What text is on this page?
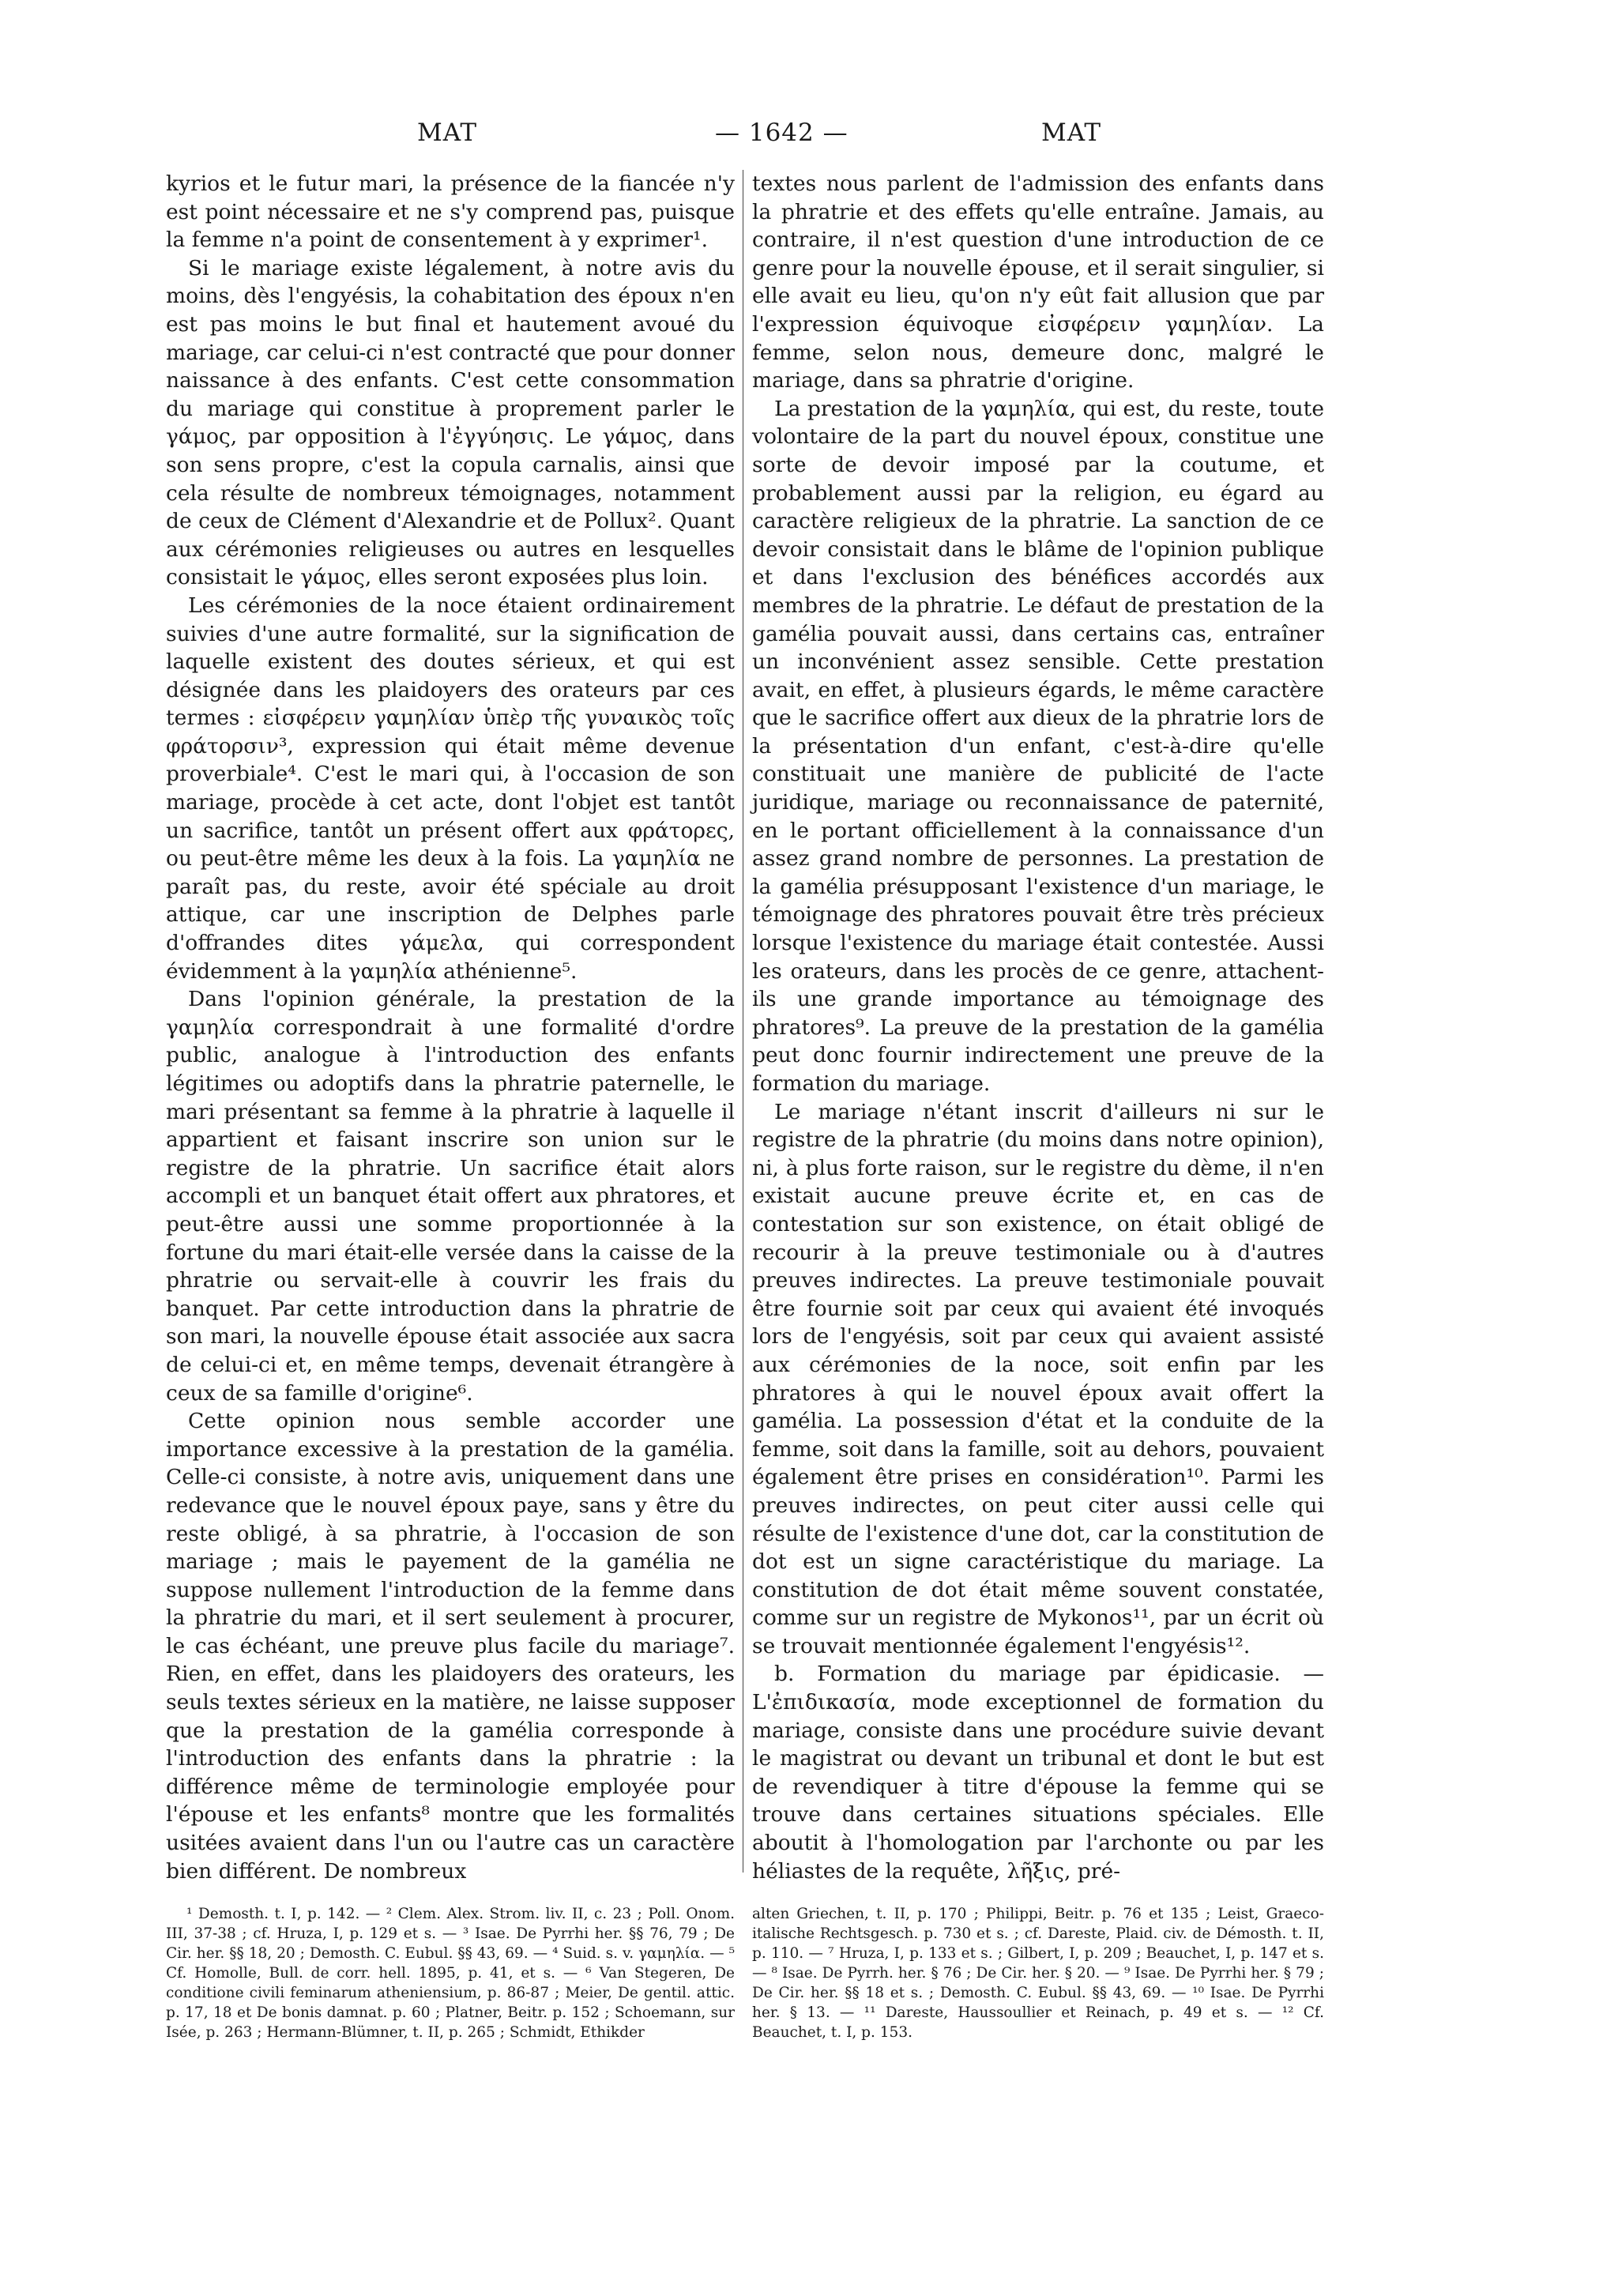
MAT	— 1642 —	MAT

kyrios et le futur mari, la présence de la fiancée n'y est point nécessaire et ne s'y comprend pas, puisque la femme n'a point de consentement à y exprimer¹.

Si le mariage existe légalement, à notre avis du moins, dès l'engyésis, la cohabitation des époux n'en est pas moins le but final et hautement avoué du mariage, car celui-ci n'est contracté que pour donner naissance à des enfants. C'est cette consommation du mariage qui constitue à proprement parler le γάμος, par opposition à l'ἐγγύησις. Le γάμος, dans son sens propre, c'est la copula carnalis, ainsi que cela résulte de nombreux témoignages, notamment de ceux de Clément d'Alexandrie et de Pollux². Quant aux cérémonies religieuses ou autres en lesquelles consistait le γάμος, elles seront exposées plus loin.

Les cérémonies de la noce étaient ordinairement suivies d'une autre formalité, sur la signification de laquelle existent des doutes sérieux, et qui est désignée dans les plaidoyers des orateurs par ces termes : εἰσφέρειν γαμηλίαν ὑπὲρ τῆς γυναικὸς τοῖς φράτορσιν³, expression qui était même devenue proverbiale⁴. C'est le mari qui, à l'occasion de son mariage, procède à cet acte, dont l'objet est tantôt un sacrifice, tantôt un présent offert aux φράτορες, ou peut-être même les deux à la fois. La γαμηλία ne paraît pas, du reste, avoir été spéciale au droit attique, car une inscription de Delphes parle d'offrandes dites γάμελα, qui correspondent évidemment à la γαμηλία athénienne⁵.

Dans l'opinion générale, la prestation de la γαμηλία correspondrait à une formalité d'ordre public, analogue à l'introduction des enfants légitimes ou adoptifs dans la phratrie paternelle, le mari présentant sa femme à la phratrie à laquelle il appartient et faisant inscrire son union sur le registre de la phratrie. Un sacrifice était alors accompli et un banquet était offert aux phratores, et peut-être aussi une somme proportionnée à la fortune du mari était-elle versée dans la caisse de la phratrie ou servait-elle à couvrir les frais du banquet. Par cette introduction dans la phratrie de son mari, la nouvelle épouse était associée aux sacra de celui-ci et, en même temps, devenait étrangère à ceux de sa famille d'origine⁶.

Cette opinion nous semble accorder une importance excessive à la prestation de la gamélia. Celle-ci consiste, à notre avis, uniquement dans une redevance que le nouvel époux paye, sans y être du reste obligé, à sa phratrie, à l'occasion de son mariage ; mais le payement de la gamélia ne suppose nullement l'introduction de la femme dans la phratrie du mari, et il sert seulement à procurer, le cas échéant, une preuve plus facile du mariage⁷. Rien, en effet, dans les plaidoyers des orateurs, les seuls textes sérieux en la matière, ne laisse supposer que la prestation de la gamélia corresponde à l'introduction des enfants dans la phratrie : la différence même de terminologie employée pour l'épouse et les enfants⁸ montre que les formalités usitées avaient dans l'un ou l'autre cas un caractère bien différent. De nombreux

textes nous parlent de l'admission des enfants dans la phratrie et des effets qu'elle entraîne. Jamais, au contraire, il n'est question d'une introduction de ce genre pour la nouvelle épouse, et il serait singulier, si elle avait eu lieu, qu'on n'y eût fait allusion que par l'expression équivoque εἰσφέρειν γαμηλίαν. La femme, selon nous, demeure donc, malgré le mariage, dans sa phratrie d'origine.

La prestation de la γαμηλία, qui est, du reste, toute volontaire de la part du nouvel époux, constitue une sorte de devoir imposé par la coutume, et probablement aussi par la religion, eu égard au caractère religieux de la phratrie. La sanction de ce devoir consistait dans le blâme de l'opinion publique et dans l'exclusion des bénéfices accordés aux membres de la phratrie. Le défaut de prestation de la gamélia pouvait aussi, dans certains cas, entraîner un inconvénient assez sensible. Cette prestation avait, en effet, à plusieurs égards, le même caractère que le sacrifice offert aux dieux de la phratrie lors de la présentation d'un enfant, c'est-à-dire qu'elle constituait une manière de publicité de l'acte juridique, mariage ou reconnaissance de paternité, en le portant officiellement à la connaissance d'un assez grand nombre de personnes. La prestation de la gamélia présupposant l'existence d'un mariage, le témoignage des phratores pouvait être très précieux lorsque l'existence du mariage était contestée. Aussi les orateurs, dans les procès de ce genre, attachent-ils une grande importance au témoignage des phratores⁹. La preuve de la prestation de la gamélia peut donc fournir indirectement une preuve de la formation du mariage.

Le mariage n'étant inscrit d'ailleurs ni sur le registre de la phratrie (du moins dans notre opinion), ni, à plus forte raison, sur le registre du dème, il n'en existait aucune preuve écrite et, en cas de contestation sur son existence, on était obligé de recourir à la preuve testimoniale ou à d'autres preuves indirectes. La preuve testimoniale pouvait être fournie soit par ceux qui avaient été invoqués lors de l'engyésis, soit par ceux qui avaient assisté aux cérémonies de la noce, soit enfin par les phratores à qui le nouvel époux avait offert la gamélia. La possession d'état et la conduite de la femme, soit dans la famille, soit au dehors, pouvaient également être prises en considération¹⁰. Parmi les preuves indirectes, on peut citer aussi celle qui résulte de l'existence d'une dot, car la constitution de dot est un signe caractéristique du mariage. La constitution de dot était même souvent constatée, comme sur un registre de Mykonos¹¹, par un écrit où se trouvait mentionnée également l'engyésis¹².

b. Formation du mariage par épidicasie. — L'ἐπιδικασία, mode exceptionnel de formation du mariage, consiste dans une procédure suivie devant le magistrat ou devant un tribunal et dont le but est de revendiquer à titre d'épouse la femme qui se trouve dans certaines situations spéciales. Elle aboutit à l'homologation par l'archonte ou par les héliastes de la requête, λῆξις, pré-

¹ Demosth. t. I, p. 142. — ² Clem. Alex. Strom. liv. II, c. 23 ; Poll. Onom. III, 37-38 ; cf. Hruza, I, p. 129 et s. — ³ Isae. De Pyrrhi her. §§ 76, 79 ; De Cir. her. §§ 18, 20 ; Demosth. C. Eubul. §§ 43, 69. — ⁴ Suid. s. v. γαμηλία. — ⁵ Cf. Homolle, Bull. de corr. hell. 1895, p. 41, et s. — ⁶ Van Stegeren, De conditione civili feminarum atheniensium, p. 86-87 ; Meier, De gentil. attic. p. 17, 18 et De bonis damnat. p. 60 ; Platner, Beitr. p. 152 ; Schoemann, sur Isée, p. 263 ; Hermann-Blümner, t. II, p. 265 ; Schmidt, Ethikder

alten Griechen, t. II, p. 170 ; Philippi, Beitr. p. 76 et 135 ; Leist, Graeco-italische Rechtsgesch. p. 730 et s. ; cf. Dareste, Plaid. civ. de Démosth. t. II, p. 110. — ⁷ Hruza, I, p. 133 et s. ; Gilbert, I, p. 209 ; Beauchet, I, p. 147 et s. — ⁸ Isae. De Pyrrh. her. § 76 ; De Cir. her. § 20. — ⁹ Isae. De Pyrrhi her. § 79 ; De Cir. her. §§ 18 et s. ; Demosth. C. Eubul. §§ 43, 69. — ¹⁰ Isae. De Pyrrhi her. § 13. — ¹¹ Dareste, Haussoullier et Reinach, p. 49 et s. — ¹² Cf. Beauchet, t. I, p. 153.
